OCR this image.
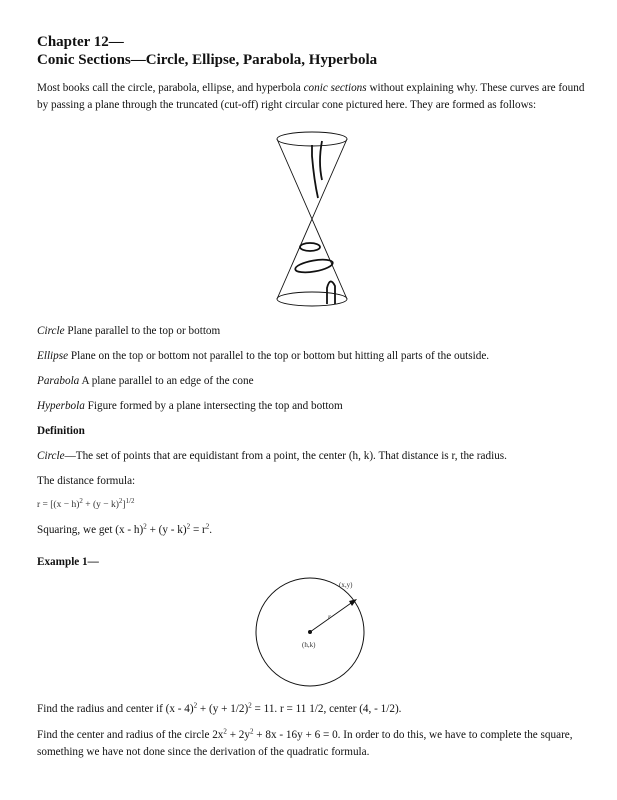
Chapter 12—
Conic Sections—Circle, Ellipse, Parabola, Hyperbola

Most books call the circle, parabola, ellipse, and hyperbola conic sections without explaining why. These curves are found by passing a plane through the truncated (cut-off) right circular cone pictured here. They are formed as follows:

Circle Plane parallel to the top or bottom

Ellipse Plane on the top or bottom not parallel to the top or bottom but hitting all parts of the outside.

Parabola A plane parallel to an edge of the cone

Hyperbola Figure formed by a plane intersecting the top and bottom

Definition

Circle—The set of points that are equidistant from a point, the center (h, k). That distance is r, the radius.

The distance formula:

$r = [(x - h)^2 + (y - k)^2]^{1/2}$

Squaring, we get $(x - h)^2 + (y - k)^2 = r^2$.

Example 1—

(x,y)
r
(h,k)

Find the radius and center if $(x - 4)^2 + (y + 1/2)^2 = 11$. r = 11 1/2, center (4, - 1/2).

Find the center and radius of the circle $2x^2 + 2y^2 + 8x - 16y + 6 = 0$. In order to do this, we have to complete the square, something we have not done since the derivation of the quadratic formula.
